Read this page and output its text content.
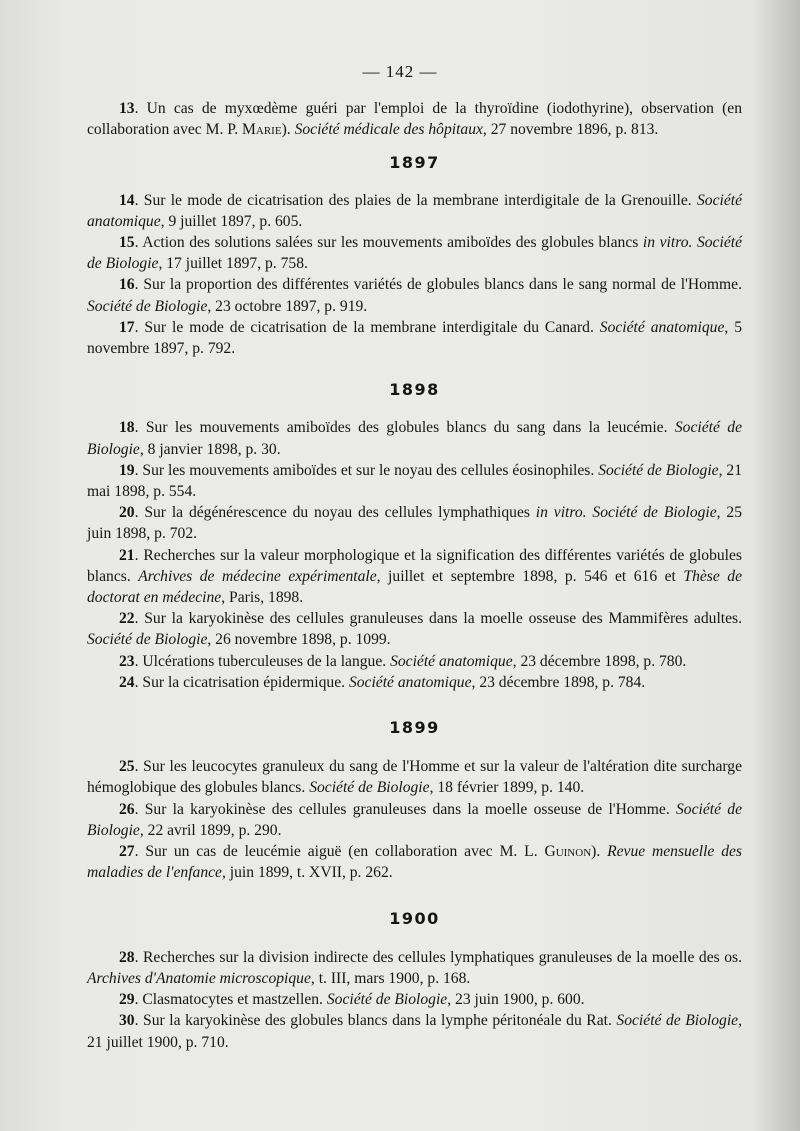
— 142 —

13. Un cas de myxœdème guéri par l'emploi de la thyroïdine (iodothyrine), observation (en collaboration avec M. P. Marie). Société médicale des hôpitaux, 27 novembre 1896, p. 813.

1897

14. Sur le mode de cicatrisation des plaies de la membrane interdigitale de la Grenouille. Société anatomique, 9 juillet 1897, p. 605.

15. Action des solutions salées sur les mouvements amiboïdes des globules blancs in vitro. Société de Biologie, 17 juillet 1897, p. 758.

16. Sur la proportion des différentes variétés de globules blancs dans le sang normal de l'Homme. Société de Biologie, 23 octobre 1897, p. 919.

17. Sur le mode de cicatrisation de la membrane interdigitale du Canard. Société anatomique, 5 novembre 1897, p. 792.

1898

18. Sur les mouvements amiboïdes des globules blancs du sang dans la leucémie. Société de Biologie, 8 janvier 1898, p. 30.

19. Sur les mouvements amiboïdes et sur le noyau des cellules éosinophiles. Société de Biologie, 21 mai 1898, p. 554.

20. Sur la dégénérescence du noyau des cellules lymphathiques in vitro. Société de Biologie, 25 juin 1898, p. 702.

21. Recherches sur la valeur morphologique et la signification des différentes variétés de globules blancs. Archives de médecine expérimentale, juillet et septembre 1898, p. 546 et 616 et Thèse de doctorat en médecine, Paris, 1898.

22. Sur la karyokinèse des cellules granuleuses dans la moelle osseuse des Mammifères adultes. Société de Biologie, 26 novembre 1898, p. 1099.

23. Ulcérations tuberculeuses de la langue. Société anatomique, 23 décembre 1898, p. 780.

24. Sur la cicatrisation épidermique. Société anatomique, 23 décembre 1898, p. 784.

1899

25. Sur les leucocytes granuleux du sang de l'Homme et sur la valeur de l'altération dite surcharge hémoglobique des globules blancs. Société de Biologie, 18 février 1899, p. 140.

26. Sur la karyokinèse des cellules granuleuses dans la moelle osseuse de l'Homme. Société de Biologie, 22 avril 1899, p. 290.

27. Sur un cas de leucémie aiguë (en collaboration avec M. L. Guinon). Revue mensuelle des maladies de l'enfance, juin 1899, t. XVII, p. 262.

1900

28. Recherches sur la division indirecte des cellules lymphatiques granuleuses de la moelle des os. Archives d'Anatomie microscopique, t. III, mars 1900, p. 168.

29. Clasmatocytes et mastzellen. Société de Biologie, 23 juin 1900, p. 600.

30. Sur la karyokinèse des globules blancs dans la lymphe péritonéale du Rat. Société de Biologie, 21 juillet 1900, p. 710.
